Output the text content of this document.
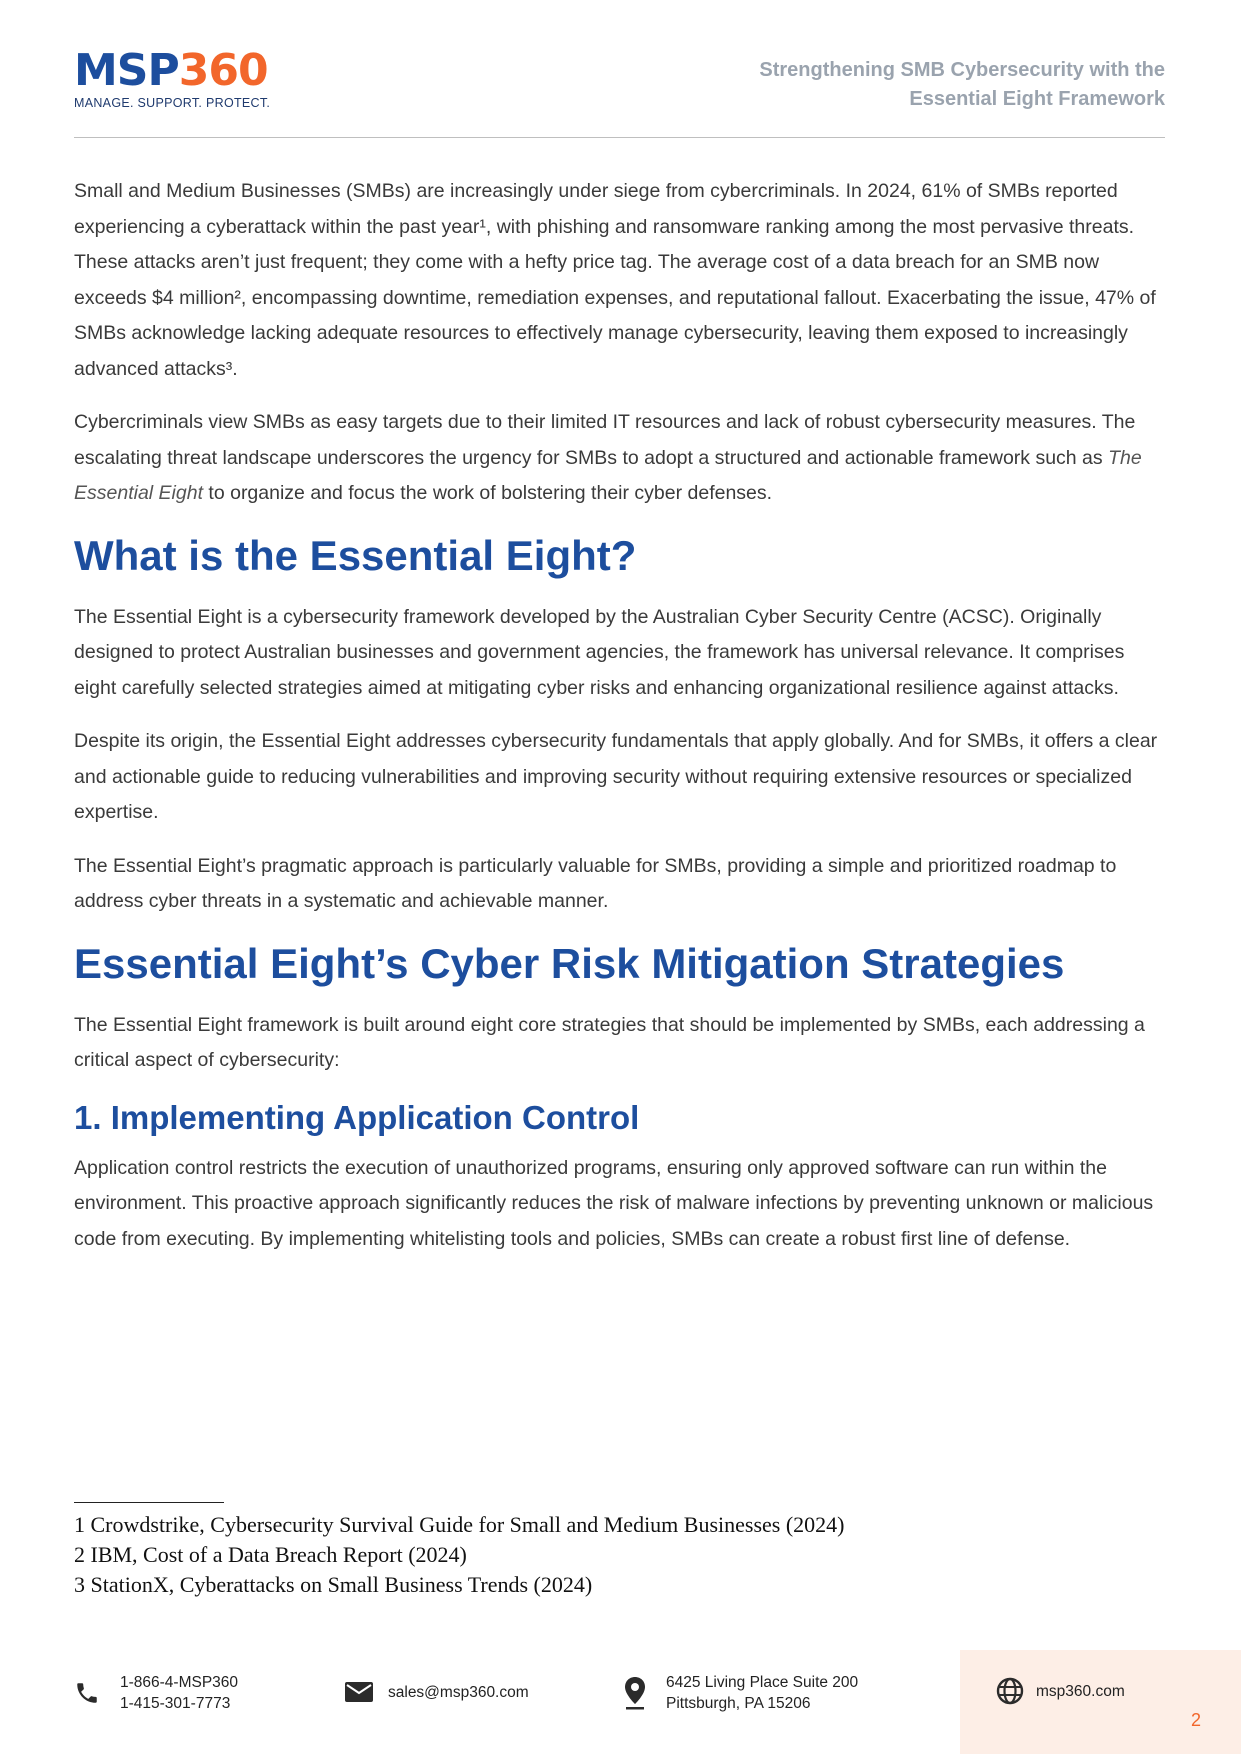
MSP360
MANAGE. SUPPORT. PROTECT.
Strengthening SMB Cybersecurity with the
Essential Eight Framework

Small and Medium Businesses (SMBs) are increasingly under siege from cybercriminals. In 2024, 61% of SMBs reported experiencing a cyberattack within the past year¹, with phishing and ransomware ranking among the most pervasive threats. These attacks aren’t just frequent; they come with a hefty price tag. The average cost of a data breach for an SMB now exceeds $4 million², encompassing downtime, remediation expenses, and reputational fallout. Exacerbating the issue, 47% of SMBs acknowledge lacking adequate resources to effectively manage cybersecurity, leaving them exposed to increasingly advanced attacks³.

Cybercriminals view SMBs as easy targets due to their limited IT resources and lack of robust cybersecurity measures. The escalating threat landscape underscores the urgency for SMBs to adopt a structured and actionable framework such as The Essential Eight to organize and focus the work of bolstering their cyber defenses.

What is the Essential Eight?

The Essential Eight is a cybersecurity framework developed by the Australian Cyber Security Centre (ACSC). Originally designed to protect Australian businesses and government agencies, the framework has universal relevance. It comprises eight carefully selected strategies aimed at mitigating cyber risks and enhancing organizational resilience against attacks.

Despite its origin, the Essential Eight addresses cybersecurity fundamentals that apply globally. And for SMBs, it offers a clear and actionable guide to reducing vulnerabilities and improving security without requiring extensive resources or specialized expertise.

The Essential Eight’s pragmatic approach is particularly valuable for SMBs, providing a simple and prioritized roadmap to address cyber threats in a systematic and achievable manner.

Essential Eight’s Cyber Risk Mitigation Strategies

The Essential Eight framework is built around eight core strategies that should be implemented by SMBs, each addressing a critical aspect of cybersecurity:

1. Implementing Application Control

Application control restricts the execution of unauthorized programs, ensuring only approved software can run within the environment. This proactive approach significantly reduces the risk of malware infections by preventing unknown or malicious code from executing. By implementing whitelisting tools and policies, SMBs can create a robust first line of defense.

1 Crowdstrike, Cybersecurity Survival Guide for Small and Medium Businesses (2024)
2 IBM, Cost of a Data Breach Report (2024)
3 StationX, Cyberattacks on Small Business Trends (2024)
1-866-4-MSP360
1-415-301-7773
sales@msp360.com
6425 Living Place Suite 200
Pittsburgh, PA 15206
msp360.com
2
